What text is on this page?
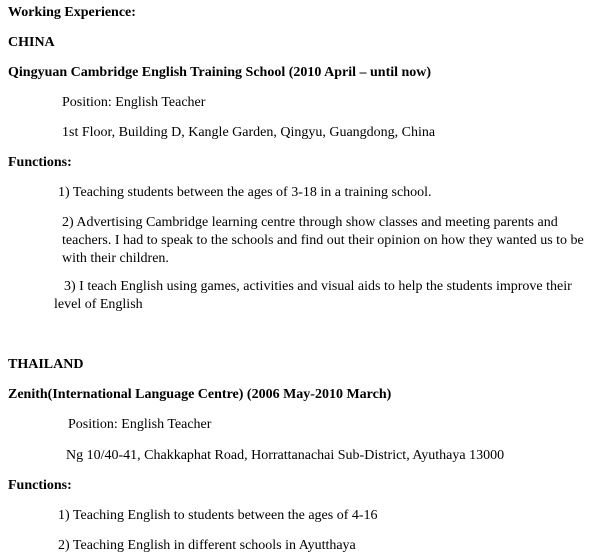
Working Experience:
CHINA
Qingyuan Cambridge English Training School (2010 April – until now)
Position: English Teacher
1st Floor, Building D, Kangle Garden, Qingyu, Guangdong, China
Functions:
1) Teaching students between the ages of 3-18 in a training school.
2) Advertising Cambridge learning centre through show classes and meeting parents and teachers. I had to speak to the schools and find out their opinion on how they wanted us to be with their children.
3) I teach English using games, activities and visual aids to help the students improve their level of English
THAILAND
Zenith(International Language Centre) (2006 May-2010 March)
Position: English Teacher
Ng 10/40-41, Chakkaphat Road, Horrattanachai Sub-District, Ayuthaya 13000
Functions:
1) Teaching English to students between the ages of 4-16
2) Teaching English in different schools in Ayutthaya
